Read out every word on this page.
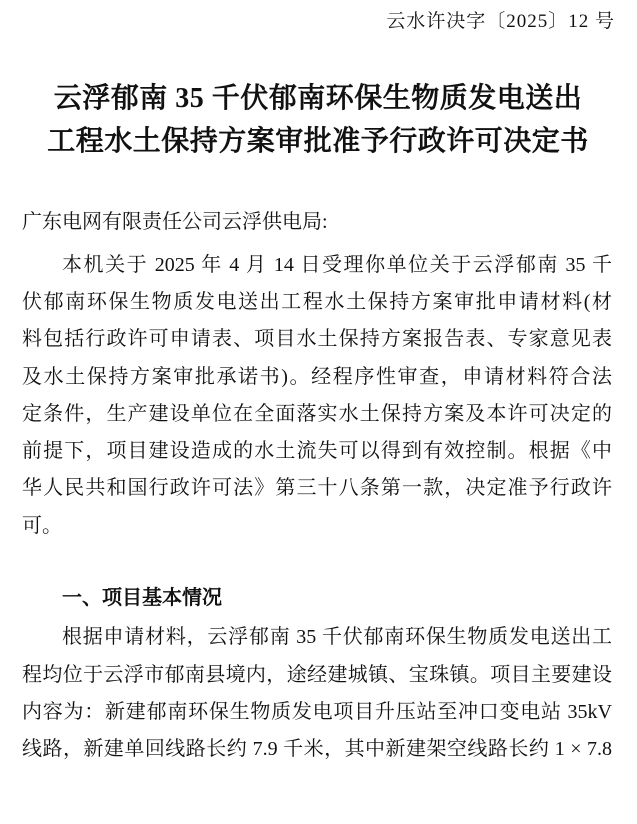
云水许决字〔2025〕12 号
云浮郁南 35 千伏郁南环保生物质发电送出
工程水土保持方案审批准予行政许可决定书
广东电网有限责任公司云浮供电局:
本机关于 2025 年 4 月 14 日受理你单位关于云浮郁南 35 千
伏郁南环保生物质发电送出工程水土保持方案审批申请材料(材
料包括行政许可申请表、项目水土保持方案报告表、专家意见表
及水土保持方案审批承诺书)。经程序性审查，申请材料符合法
定条件，生产建设单位在全面落实水土保持方案及本许可决定的
前提下，项目建设造成的水土流失可以得到有效控制。根据《中
华人民共和国行政许可法》第三十八条第一款，决定准予行政许
可。
一、项目基本情况
根据申请材料，云浮郁南 35 千伏郁南环保生物质发电送出工
程均位于云浮市郁南县境内，途经建城镇、宝珠镇。项目主要建设
内容为：新建郁南环保生物质发电项目升压站至冲口变电站 35kV
线路，新建单回线路长约 7.9 千米，其中新建架空线路长约 1 × 7.8
